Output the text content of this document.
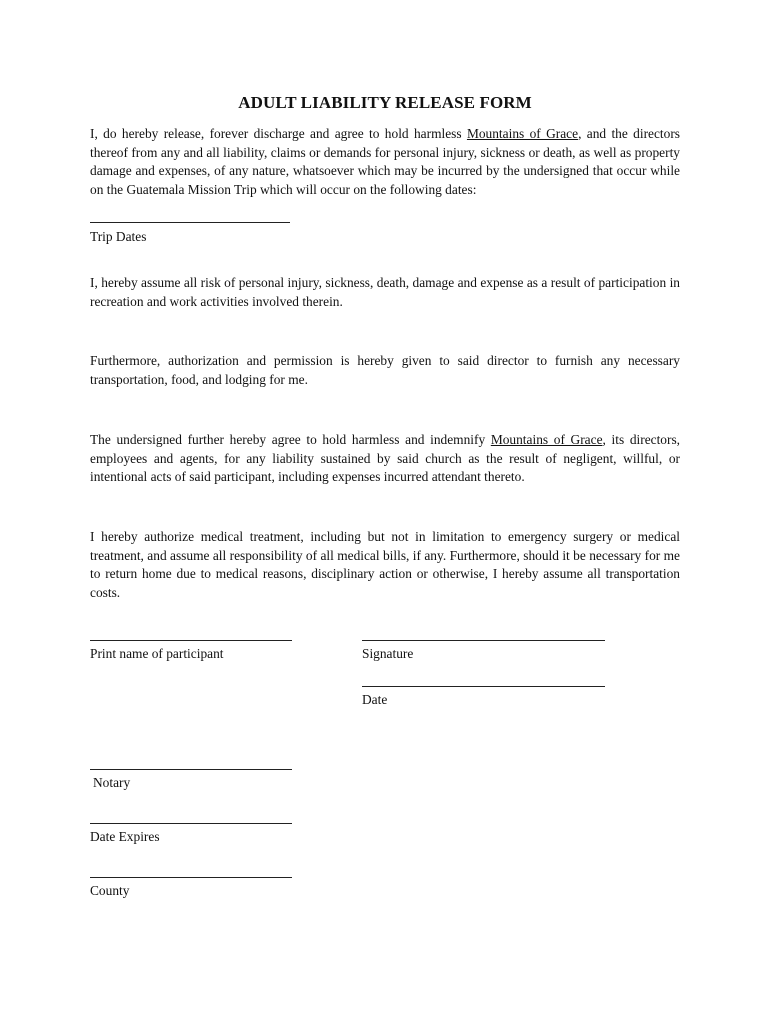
ADULT LIABILITY RELEASE FORM
I, do hereby release, forever discharge and agree to hold harmless Mountains of Grace, and the directors thereof from any and all liability, claims or demands for personal injury, sickness or death, as well as property damage and expenses, of any nature, whatsoever which may be incurred by the undersigned that occur while on the Guatemala Mission Trip which will occur on the following dates:
Trip Dates
I, hereby assume all risk of personal injury, sickness, death, damage and expense as a result of participation in recreation and work activities involved therein.
Furthermore, authorization and permission is hereby given to said director to furnish any necessary transportation, food, and lodging for me.
The undersigned further hereby agree to hold harmless and indemnify Mountains of Grace, its directors, employees and agents, for any liability sustained by said church as the result of negligent, willful, or intentional acts of said participant, including expenses incurred attendant thereto.
I hereby authorize medical treatment, including but not in limitation to emergency surgery or medical treatment, and assume all responsibility of all medical bills, if any. Furthermore, should it be necessary for me to return home due to medical reasons, disciplinary action or otherwise, I hereby assume all transportation costs.
Print name of participant	Signature
Date
Notary
Date Expires
County
